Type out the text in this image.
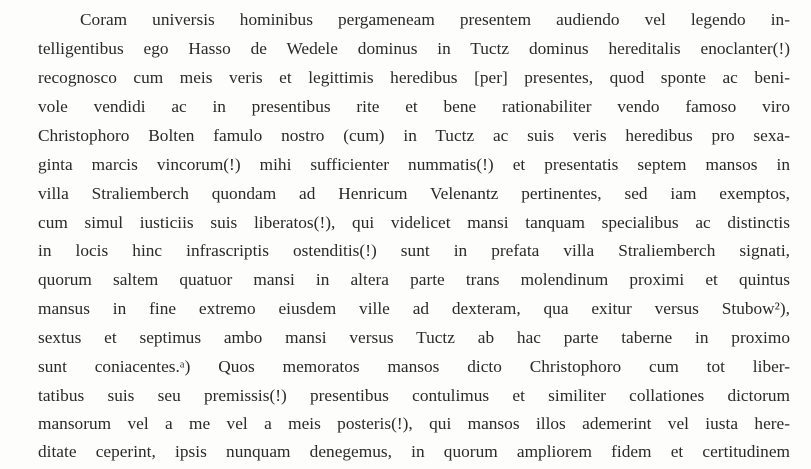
Coram universis hominibus pergameneam presentem audiendo vel legendo in-
telligentibus ego Hasso de Wedele dominus in Tuctz dominus hereditalis enoclanter(!)
recognosco cum meis veris et legittimis heredibus [per] presentes, quod sponte ac beni-
vole vendidi ac in presentibus rite et bene rationabiliter vendo famoso viro
Christophoro Bolten famulo nostro (cum) in Tuctz ac suis veris heredibus pro sexa-
ginta marcis vincorum(!) mihi sufficienter nummatis(!) et presentatis septem mansos in
villa Straliemberch quondam ad Henricum Velenantz pertinentes, sed iam exemptos,
cum simul iusticiis suis liberatos(!), qui videlicet mansi tanquam specialibus ac distinctis
in locis hinc infrascriptis ostenditis(!) sunt in prefata villa Straliemberch signati,
quorum saltem quatuor mansi in altera parte trans molendinum proximi et quintus
mansus in fine extremo eiusdem ville ad dexteram, qua exitur versus Stubow²),
sextus et septimus ambo mansi versus Tuctz ab hac parte taberne in proximo
sunt coniacentes.ᵃ) Quos memoratos mansos dicto Christophoro cum tot liber-
tatibus suis seu premissis(!) presentibus contulimus et similiter collationes dictorum
mansorum vel a me vel a meis posteris(!), qui mansos illos ademerint vel iusta here-
ditate ceperint, ipsis nunquam denegemus, in quorum ampliorem fidem et certitudinem
